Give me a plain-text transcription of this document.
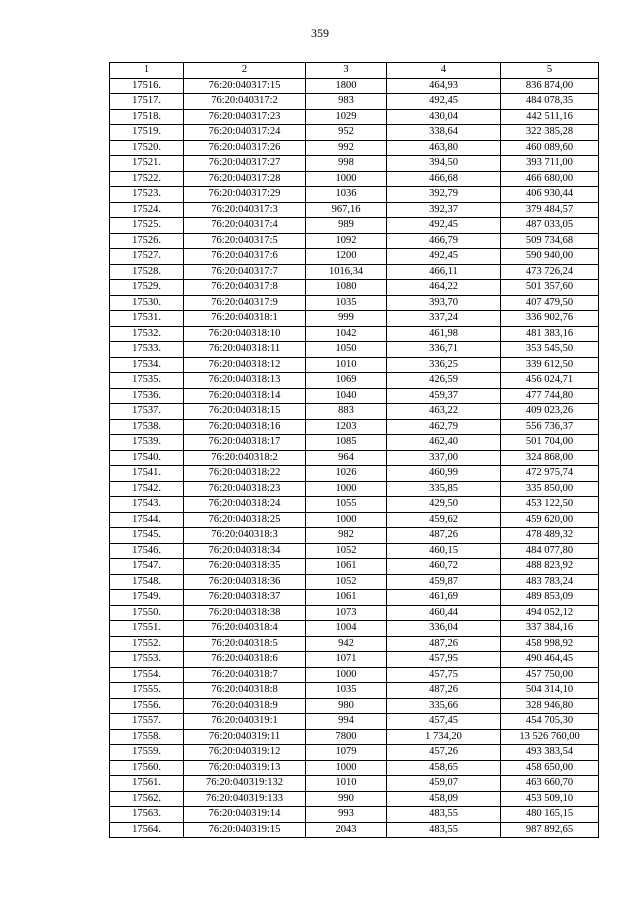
359
1	2	3	4	5
17516.	76:20:040317:15	1800	464,93	836 874,00
17517.	76:20:040317:2	983	492,45	484 078,35
17518.	76:20:040317:23	1029	430,04	442 511,16
17519.	76:20:040317:24	952	338,64	322 385,28
17520.	76:20:040317:26	992	463,80	460 089,60
17521.	76:20:040317:27	998	394,50	393 711,00
17522.	76:20:040317:28	1000	466,68	466 680,00
17523.	76:20:040317:29	1036	392,79	406 930,44
17524.	76:20:040317:3	967,16	392,37	379 484,57
17525.	76:20:040317:4	989	492,45	487 033,05
17526.	76:20:040317:5	1092	466,79	509 734,68
17527.	76:20:040317:6	1200	492,45	590 940,00
17528.	76:20:040317:7	1016,34	466,11	473 726,24
17529.	76:20:040317:8	1080	464,22	501 357,60
17530.	76:20:040317:9	1035	393,70	407 479,50
17531.	76:20:040318:1	999	337,24	336 902,76
17532.	76:20:040318:10	1042	461,98	481 383,16
17533.	76:20:040318:11	1050	336,71	353 545,50
17534.	76:20:040318:12	1010	336,25	339 612,50
17535.	76:20:040318:13	1069	426,59	456 024,71
17536.	76:20:040318:14	1040	459,37	477 744,80
17537.	76:20:040318:15	883	463,22	409 023,26
17538.	76:20:040318:16	1203	462,79	556 736,37
17539.	76:20:040318:17	1085	462,40	501 704,00
17540.	76:20:040318:2	964	337,00	324 868,00
17541.	76:20:040318:22	1026	460,99	472 975,74
17542.	76:20:040318:23	1000	335,85	335 850,00
17543.	76:20:040318:24	1055	429,50	453 122,50
17544.	76:20:040318:25	1000	459,62	459 620,00
17545.	76:20:040318:3	982	487,26	478 489,32
17546.	76:20:040318:34	1052	460,15	484 077,80
17547.	76:20:040318:35	1061	460,72	488 823,92
17548.	76:20:040318:36	1052	459,87	483 783,24
17549.	76:20:040318:37	1061	461,69	489 853,09
17550.	76:20:040318:38	1073	460,44	494 052,12
17551.	76:20:040318:4	1004	336,04	337 384,16
17552.	76:20:040318:5	942	487,26	458 998,92
17553.	76:20:040318:6	1071	457,95	490 464,45
17554.	76:20:040318:7	1000	457,75	457 750,00
17555.	76:20:040318:8	1035	487,26	504 314,10
17556.	76:20:040318:9	980	335,66	328 946,80
17557.	76:20:040319:1	994	457,45	454 705,30
17558.	76:20:040319:11	7800	1 734,20	13 526 760,00
17559.	76:20:040319:12	1079	457,26	493 383,54
17560.	76:20:040319:13	1000	458,65	458 650,00
17561.	76:20:040319:132	1010	459,07	463 660,70
17562.	76:20:040319:133	990	458,09	453 509,10
17563.	76:20:040319:14	993	483,55	480 165,15
17564.	76:20:040319:15	2043	483,55	987 892,65
